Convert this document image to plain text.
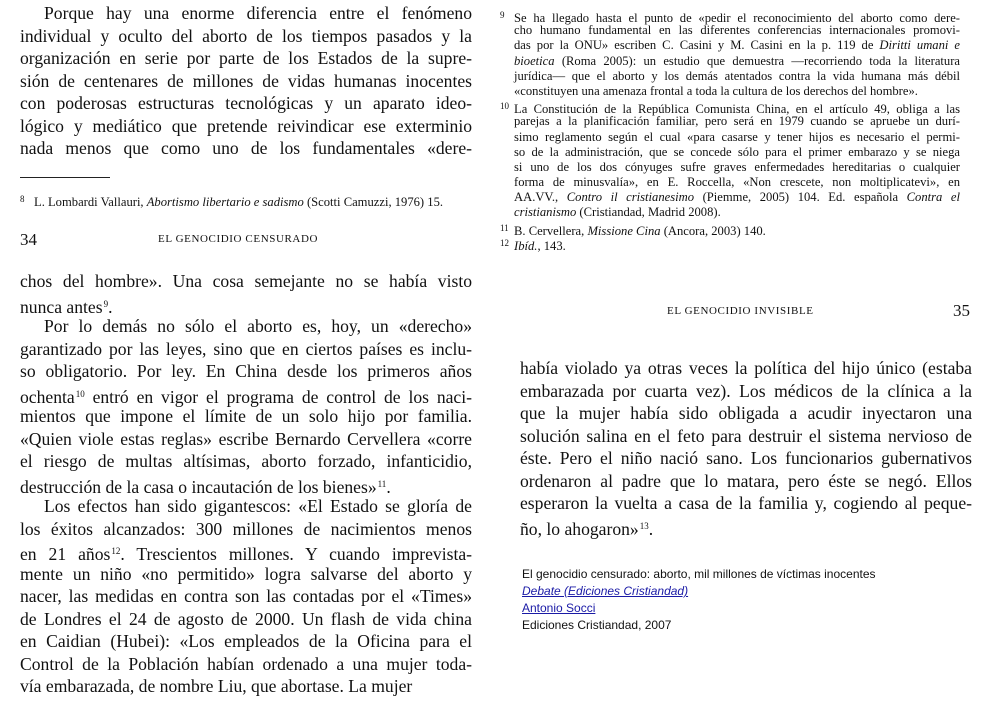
Porque hay una enorme diferencia entre el fenómeno
individual y oculto del aborto de los tiempos pasados y la
organización en serie por parte de los Estados de la supre-
sión de centenares de millones de vidas humanas inocentes
con poderosas estructuras tecnológicas y un aparato ideo-
lógico y mediático que pretende reivindicar ese exterminio
nada menos que como uno de los fundamentales «dere-
8 L. Lombardi Vallauri, Abortismo libertario e sadismo (Scotti Camuzzi, 1976) 15.
34	EL GENOCIDIO CENSURADO
chos del hombre». Una cosa semejante no se había visto
nunca antes$^9$.
Por lo demás no sólo el aborto es, hoy, un «derecho»
garantizado por las leyes, sino que en ciertos países es inclu-
so obligatorio. Por ley. En China desde los primeros años
ochenta$^{10}$ entró en vigor el programa de control de los naci-
mientos que impone el límite de un solo hijo por familia.
«Quien viole estas reglas» escribe Bernardo Cervellera «corre
el riesgo de multas altísimas, aborto forzado, infanticidio,
destrucción de la casa o incautación de los bienes»$^{11}$.
Los efectos han sido gigantescos: «El Estado se gloría de
los éxitos alcanzados: 300 millones de nacimientos menos
en 21 años$^{12}$. Trescientos millones. Y cuando imprevista-
mente un niño «no permitido» logra salvarse del aborto y
nacer, las medidas en contra son las contadas por el «Times»
de Londres el 24 de agosto de 2000. Un flash de vida china
en Caidian (Hubei): «Los empleados de la Oficina para el
Control de la Población habían ordenado a una mujer toda-
vía embarazada, de nombre Liu, que abortase. La mujer
9 Se ha llegado hasta el punto de «pedir el reconocimiento del aborto como dere-
cho humano fundamental en las diferentes conferencias internacionales promovi-
das por la ONU» escriben C. Casini y M. Casini en la p. 119 de Diritti umani e
bioetica (Roma 2005): un estudio que demuestra —recorriendo toda la literatura
jurídica— que el aborto y los demás atentados contra la vida humana más débil
«constituyen una amenaza frontal a toda la cultura de los derechos del hombre».
10 La Constitución de la República Comunista China, en el artículo 49, obliga a las
parejas a la planificación familiar, pero será en 1979 cuando se apruebe un durí-
simo reglamento según el cual «para casarse y tener hijos es necesario el permi-
so de la administración, que se concede sólo para el primer embarazo y se niega
si uno de los dos cónyuges sufre graves enfermedades hereditarias o cualquier
forma de minusvalía», en E. Roccella, «Non crescete, non moltiplicatevi», en
AA.VV., Contro il cristianesimo (Piemme, 2005) 104. Ed. española Contra el
cristianismo (Cristiandad, Madrid 2008).
11 B. Cervellera, Missione Cina (Ancora, 2003) 140.
12 Ibíd., 143.
EL GENOCIDIO INVISIBLE	35
había violado ya otras veces la política del hijo único (estaba
embarazada por cuarta vez). Los médicos de la clínica a la
que la mujer había sido obligada a acudir inyectaron una
solución salina en el feto para destruir el sistema nervioso de
éste. Pero el niño nació sano. Los funcionarios gubernativos
ordenaron al padre que lo matara, pero éste se negó. Ellos
esperaron la vuelta a casa de la familia y, cogiendo al peque-
ño, lo ahogaron»$^{13}$.
El genocidio censurado: aborto, mil millones de víctimas inocentes
Debate (Ediciones Cristiandad)
Antonio Socci
Ediciones Cristiandad, 2007
